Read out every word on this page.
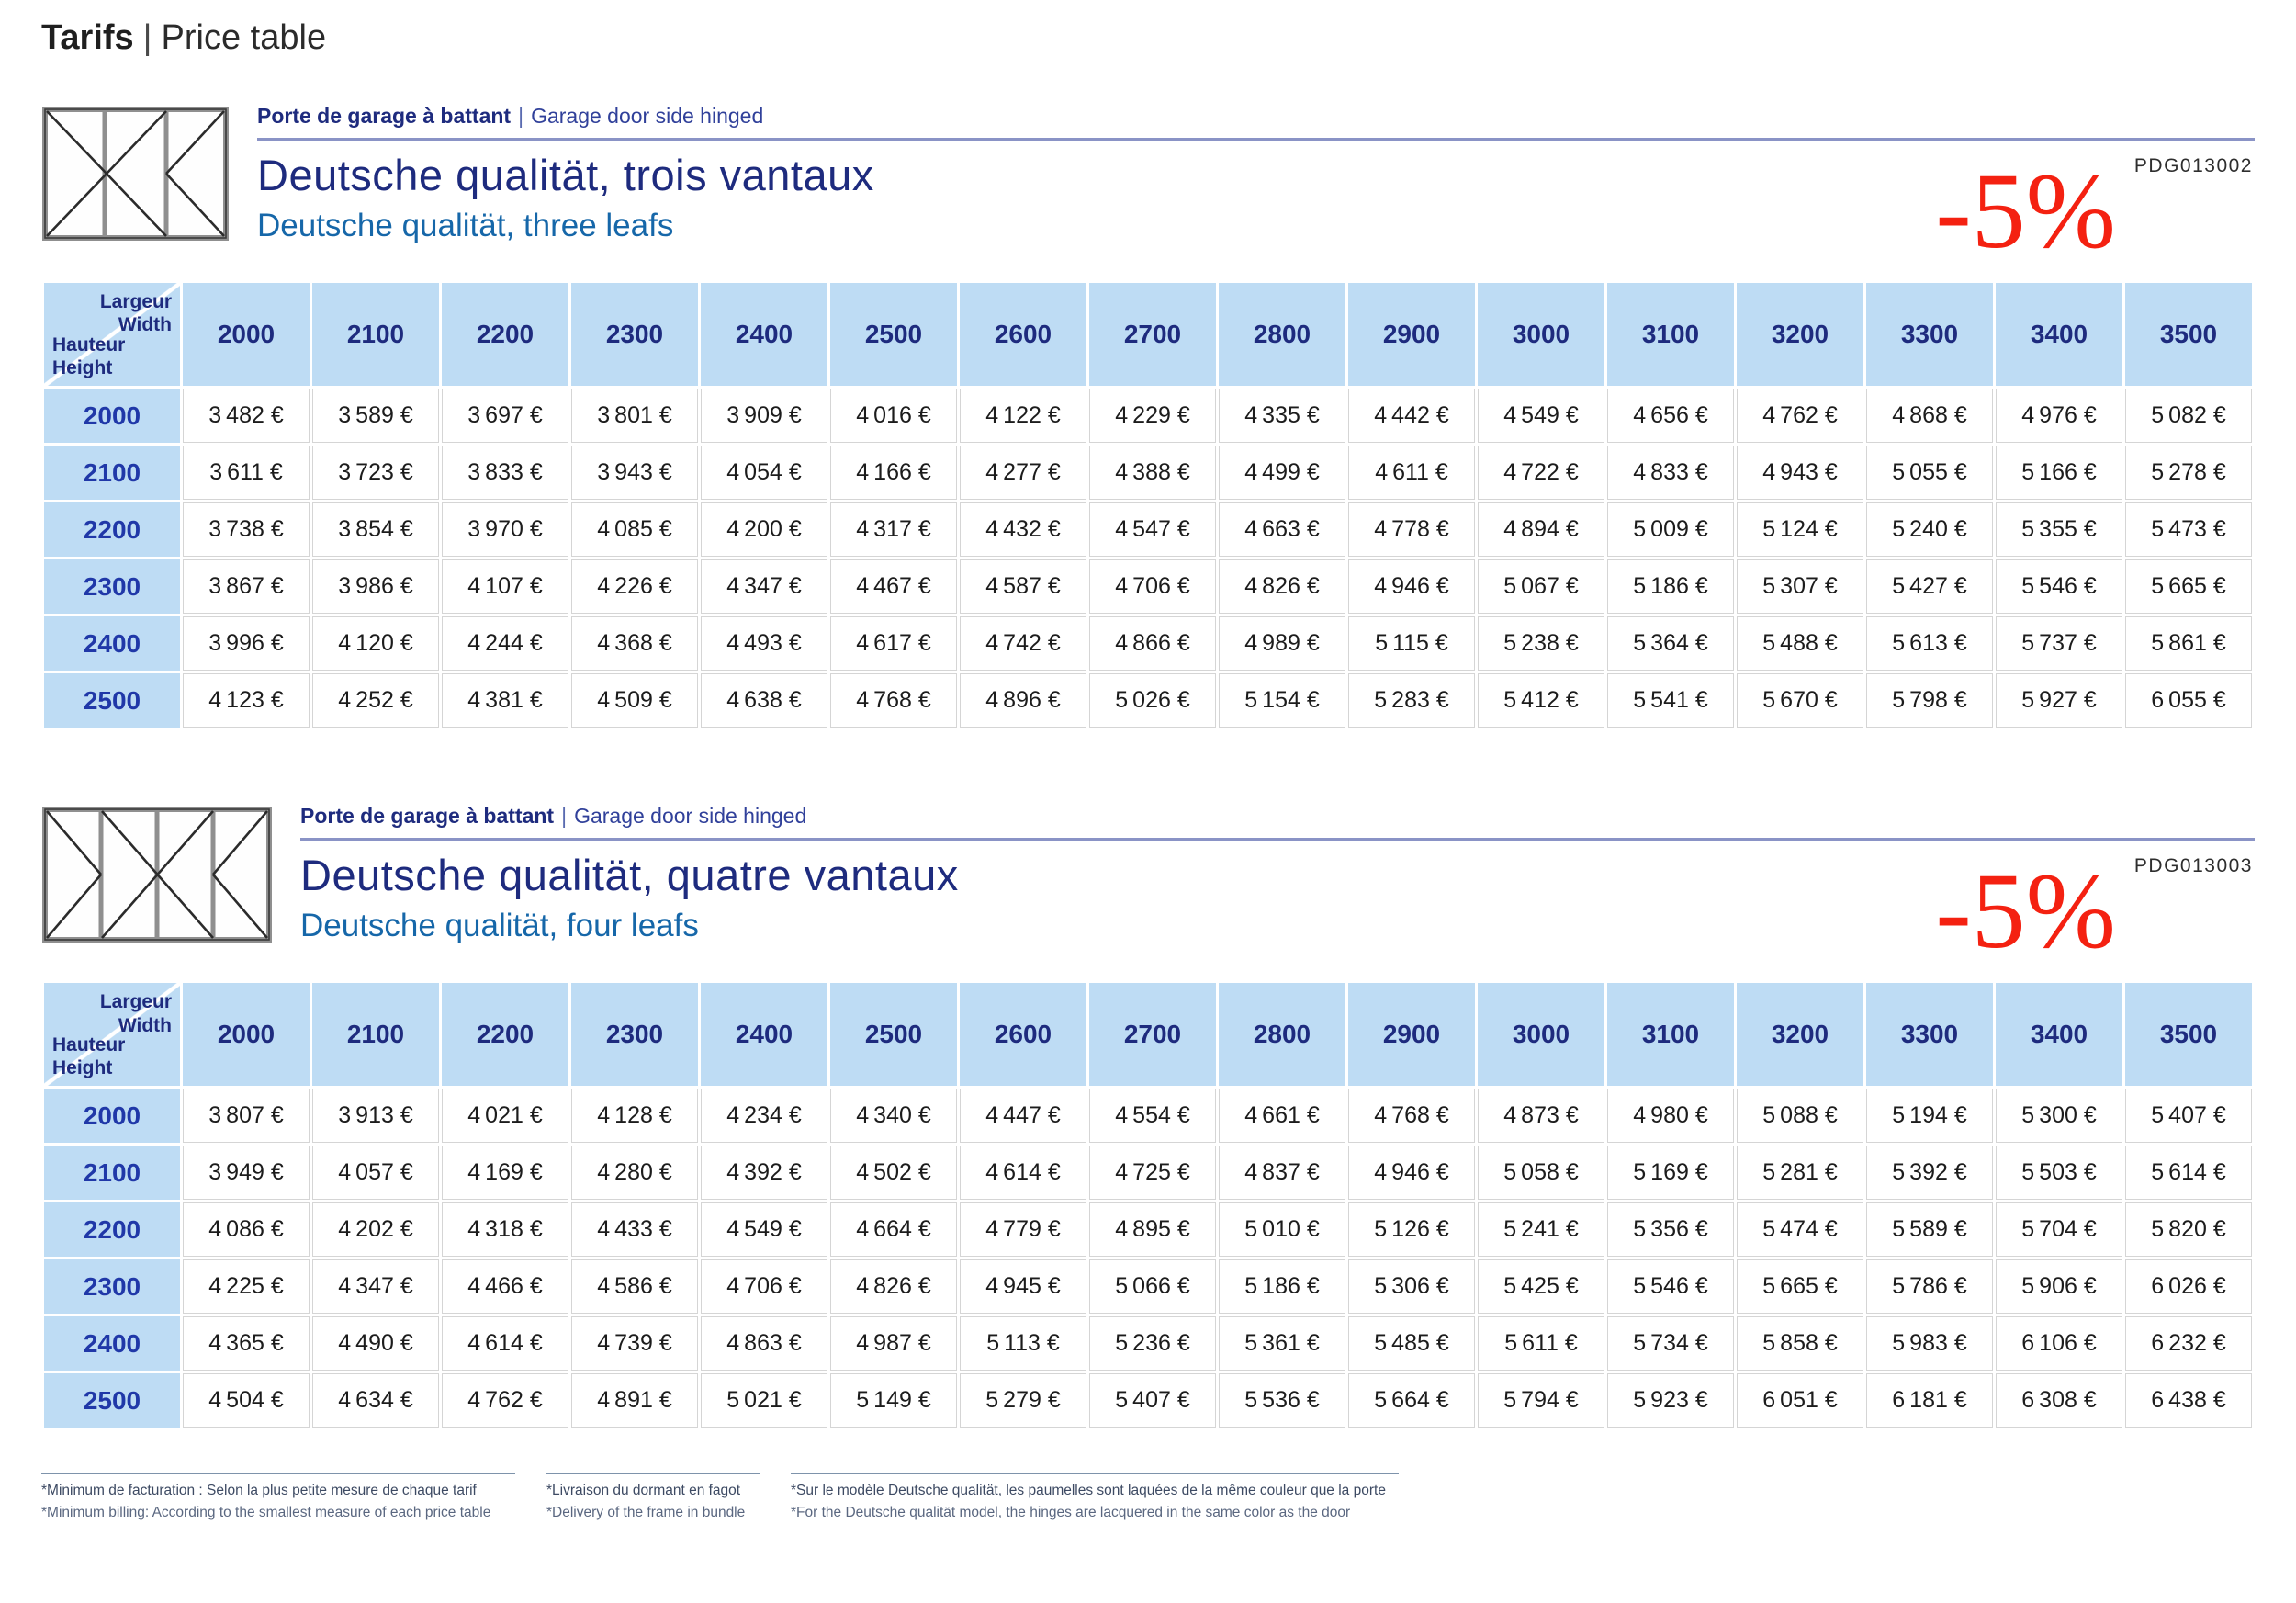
Tarifs | Price table
Porte de garage à battant | Garage door side hinged
Deutsche qualität, trois vantaux
Deutsche qualität, three leafs	-5% PDG013002
Largeur
Width
Hauteur
Height	2000	2100	2200	2300	2400	2500	2600	2700	2800	2900	3000	3100	3200	3300	3400	3500
2000	3 482 €	3 589 €	3 697 €	3 801 €	3 909 €	4 016 €	4 122 €	4 229 €	4 335 €	4 442 €	4 549 €	4 656 €	4 762 €	4 868 €	4 976 €	5 082 €
2100	3 611 €	3 723 €	3 833 €	3 943 €	4 054 €	4 166 €	4 277 €	4 388 €	4 499 €	4 611 €	4 722 €	4 833 €	4 943 €	5 055 €	5 166 €	5 278 €
2200	3 738 €	3 854 €	3 970 €	4 085 €	4 200 €	4 317 €	4 432 €	4 547 €	4 663 €	4 778 €	4 894 €	5 009 €	5 124 €	5 240 €	5 355 €	5 473 €
2300	3 867 €	3 986 €	4 107 €	4 226 €	4 347 €	4 467 €	4 587 €	4 706 €	4 826 €	4 946 €	5 067 €	5 186 €	5 307 €	5 427 €	5 546 €	5 665 €
2400	3 996 €	4 120 €	4 244 €	4 368 €	4 493 €	4 617 €	4 742 €	4 866 €	4 989 €	5 115 €	5 238 €	5 364 €	5 488 €	5 613 €	5 737 €	5 861 €
2500	4 123 €	4 252 €	4 381 €	4 509 €	4 638 €	4 768 €	4 896 €	5 026 €	5 154 €	5 283 €	5 412 €	5 541 €	5 670 €	5 798 €	5 927 €	6 055 €
Porte de garage à battant | Garage door side hinged
Deutsche qualität, quatre vantaux
Deutsche qualität, four leafs	-5% PDG013003
Largeur
Width
Hauteur
Height	2000	2100	2200	2300	2400	2500	2600	2700	2800	2900	3000	3100	3200	3300	3400	3500
2000	3 807 €	3 913 €	4 021 €	4 128 €	4 234 €	4 340 €	4 447 €	4 554 €	4 661 €	4 768 €	4 873 €	4 980 €	5 088 €	5 194 €	5 300 €	5 407 €
2100	3 949 €	4 057 €	4 169 €	4 280 €	4 392 €	4 502 €	4 614 €	4 725 €	4 837 €	4 946 €	5 058 €	5 169 €	5 281 €	5 392 €	5 503 €	5 614 €
2200	4 086 €	4 202 €	4 318 €	4 433 €	4 549 €	4 664 €	4 779 €	4 895 €	5 010 €	5 126 €	5 241 €	5 356 €	5 474 €	5 589 €	5 704 €	5 820 €
2300	4 225 €	4 347 €	4 466 €	4 586 €	4 706 €	4 826 €	4 945 €	5 066 €	5 186 €	5 306 €	5 425 €	5 546 €	5 665 €	5 786 €	5 906 €	6 026 €
2400	4 365 €	4 490 €	4 614 €	4 739 €	4 863 €	4 987 €	5 113 €	5 236 €	5 361 €	5 485 €	5 611 €	5 734 €	5 858 €	5 983 €	6 106 €	6 232 €
2500	4 504 €	4 634 €	4 762 €	4 891 €	5 021 €	5 149 €	5 279 €	5 407 €	5 536 €	5 664 €	5 794 €	5 923 €	6 051 €	6 181 €	6 308 €	6 438 €

*Minimum de facturation : Selon la plus petite mesure de chaque tarif

*Minimum billing: According to the smallest measure of each price table

*Livraison du dormant en fagot

*Delivery of the frame in bundle

*Sur le modèle Deutsche qualität, les paumelles sont laquées de la même couleur que la porte

*For the Deutsche qualität model, the hinges are lacquered in the same color as the door
